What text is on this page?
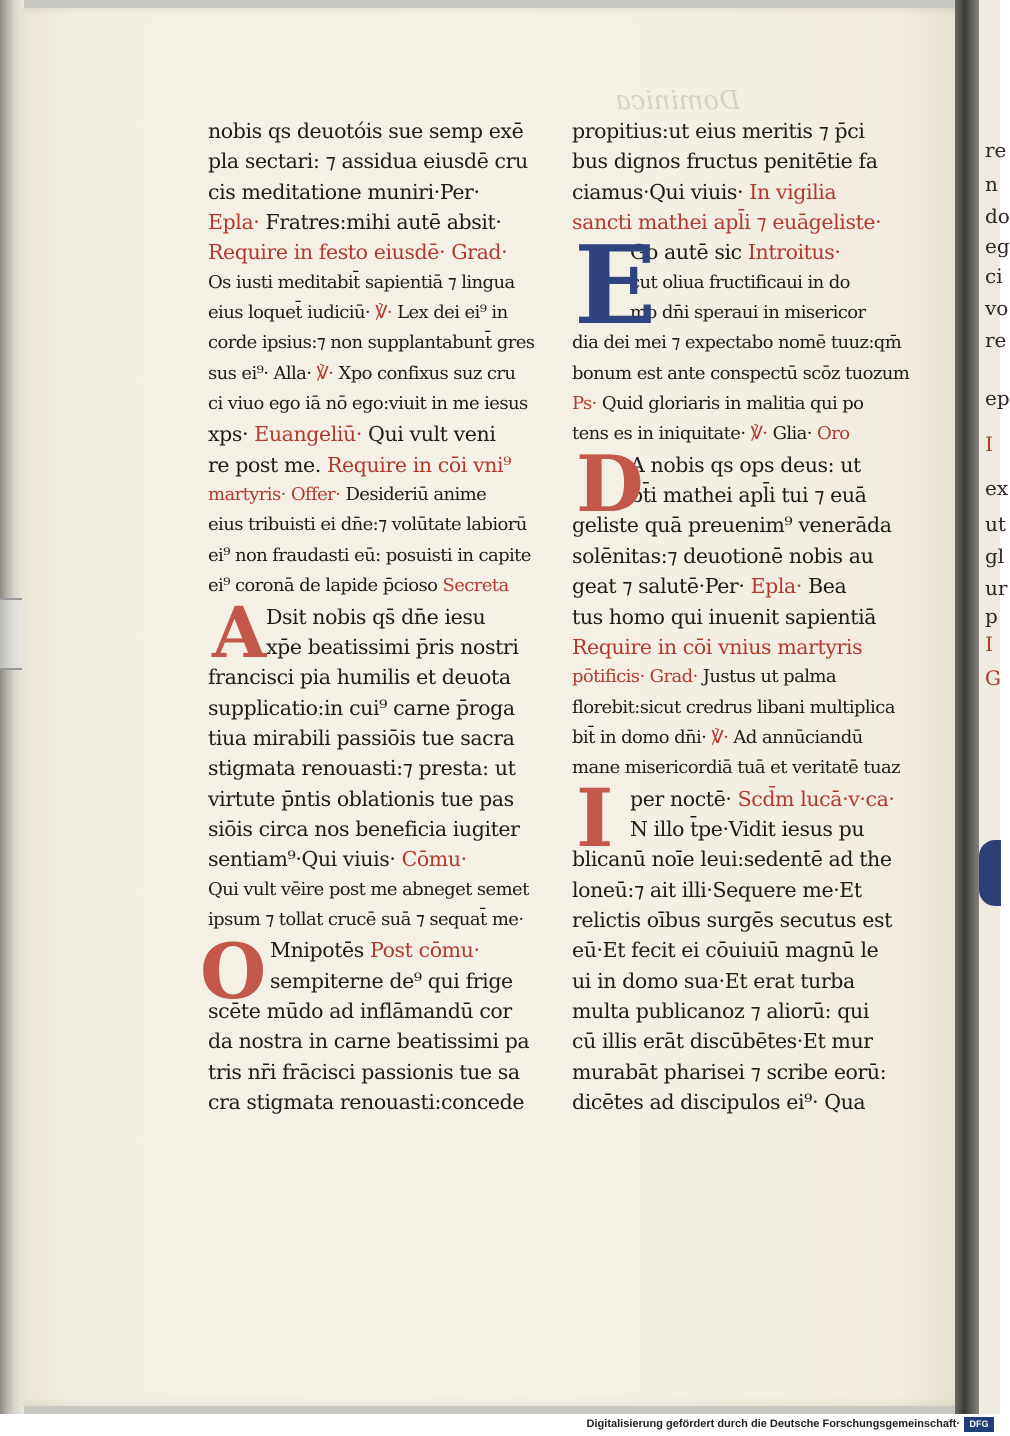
Dominica
nobis qs deuotóis sue semp exē
pla sectari: ⁊ assidua eiusdē cru
cis meditatione muniri·Per·
Epla· Fratres:mihi autē absit·
Require in festo eiusdē· Grad·
Os iusti meditabit̄ sapientiā ⁊ lingua
eius loquet̄ iudiciū· ℣· Lex dei ei⁹ in
corde ipsius:⁊ non supplantabunt̄ gres
sus ei⁹· Alla· ℣· Xpo confixus suz cru
ci viuo ego iā nō ego:viuit in me iesus
xps· Euangeliū· Qui vult veni
re post me. Require in cōi vni⁹
martyris· Offer· Desideriū anime
eius tribuisti ei dn̄e:⁊ volūtate labiorū
ei⁹ non fraudasti eū: posuisti in capite
ei⁹ coronā de lapide p̄cioso Secreta
Dsit nobis qs̄ dn̄e iesu
xp̄e beatissimi p̄ris nostri
francisci pia humilis et deuota
supplicatio:in cui⁹ carne p̄roga
tiua mirabili passiōis tue sacra
stigmata renouasti:⁊ presta: ut
virtute p̄ntis oblationis tue pas
siōis circa nos beneficia iugiter
sentiam⁹·Qui viuis· Cōmu·
Qui vult vēire post me abneget semet
ipsum ⁊ tollat crucē suā ⁊ sequat̄ me·
Mnipotēs Post cōmu·
sempiterne de⁹ qui frige
scēte mūdo ad inflāmandū cor
da nostra in carne beatissimi pa
tris nr̄i frācisci passionis tue sa
cra stigmata renouasti:concede
propitius:ut eius meritis ⁊ p̄ci
bus dignos fructus penitētie fa
ciamus·Qui viuis· In vigilia
sancti mathei apl̄i ⁊ euāgeliste·
Go autē sic Introitus·
cut oliua fructificaui in do
mo dn̄i speraui in misericor
dia dei mei ⁊ expectabo nomē tuuz:qm̄
bonum est ante conspectū scōz tuozum
Ps· Quid gloriaris in malitia qui po
tens es in iniquitate· ℣· Glia· Oro
A nobis qs ops deus: ut
bt̄i mathei apl̄i tui ⁊ euā
geliste quā preuenim⁹ venerāda
solēnitas:⁊ deuotionē nobis au
geat ⁊ salutē·Per· Epla· Bea
tus homo qui inuenit sapientiā
Require in cōi vnius martyris
pōtificis· Grad· Justus ut palma
florebit:sicut credrus libani multiplica
bit̄ in domo dn̄i· ℣· Ad annūciandū
mane misericordiā tuā et veritatē tuaz
per noctē· Scd̄m lucā·v·ca·
N illo t̄pe·Vidit iesus pu
blicanū noīe leui:sedentē ad the
loneū:⁊ ait illi·Sequere me·Et
relictis oībus surgēs secutus est
eū·Et fecit ei cōuiuiū magnū le
ui in domo sua·Et erat turba
multa publicanoz ⁊ aliorū: qui
cū illis erāt discūbētes·Et mur
murabāt pharisei ⁊ scribe eorū:
dicētes ad discipulos ei⁹· Qua
A
O
E
D
I
re
n
do
eg
ci
vo
re
ep
I
ex
ut
gl
ur
p
I
G
Digitalisierung gefördert durch die Deutsche Forschungsgemeinschaft·	DFG
